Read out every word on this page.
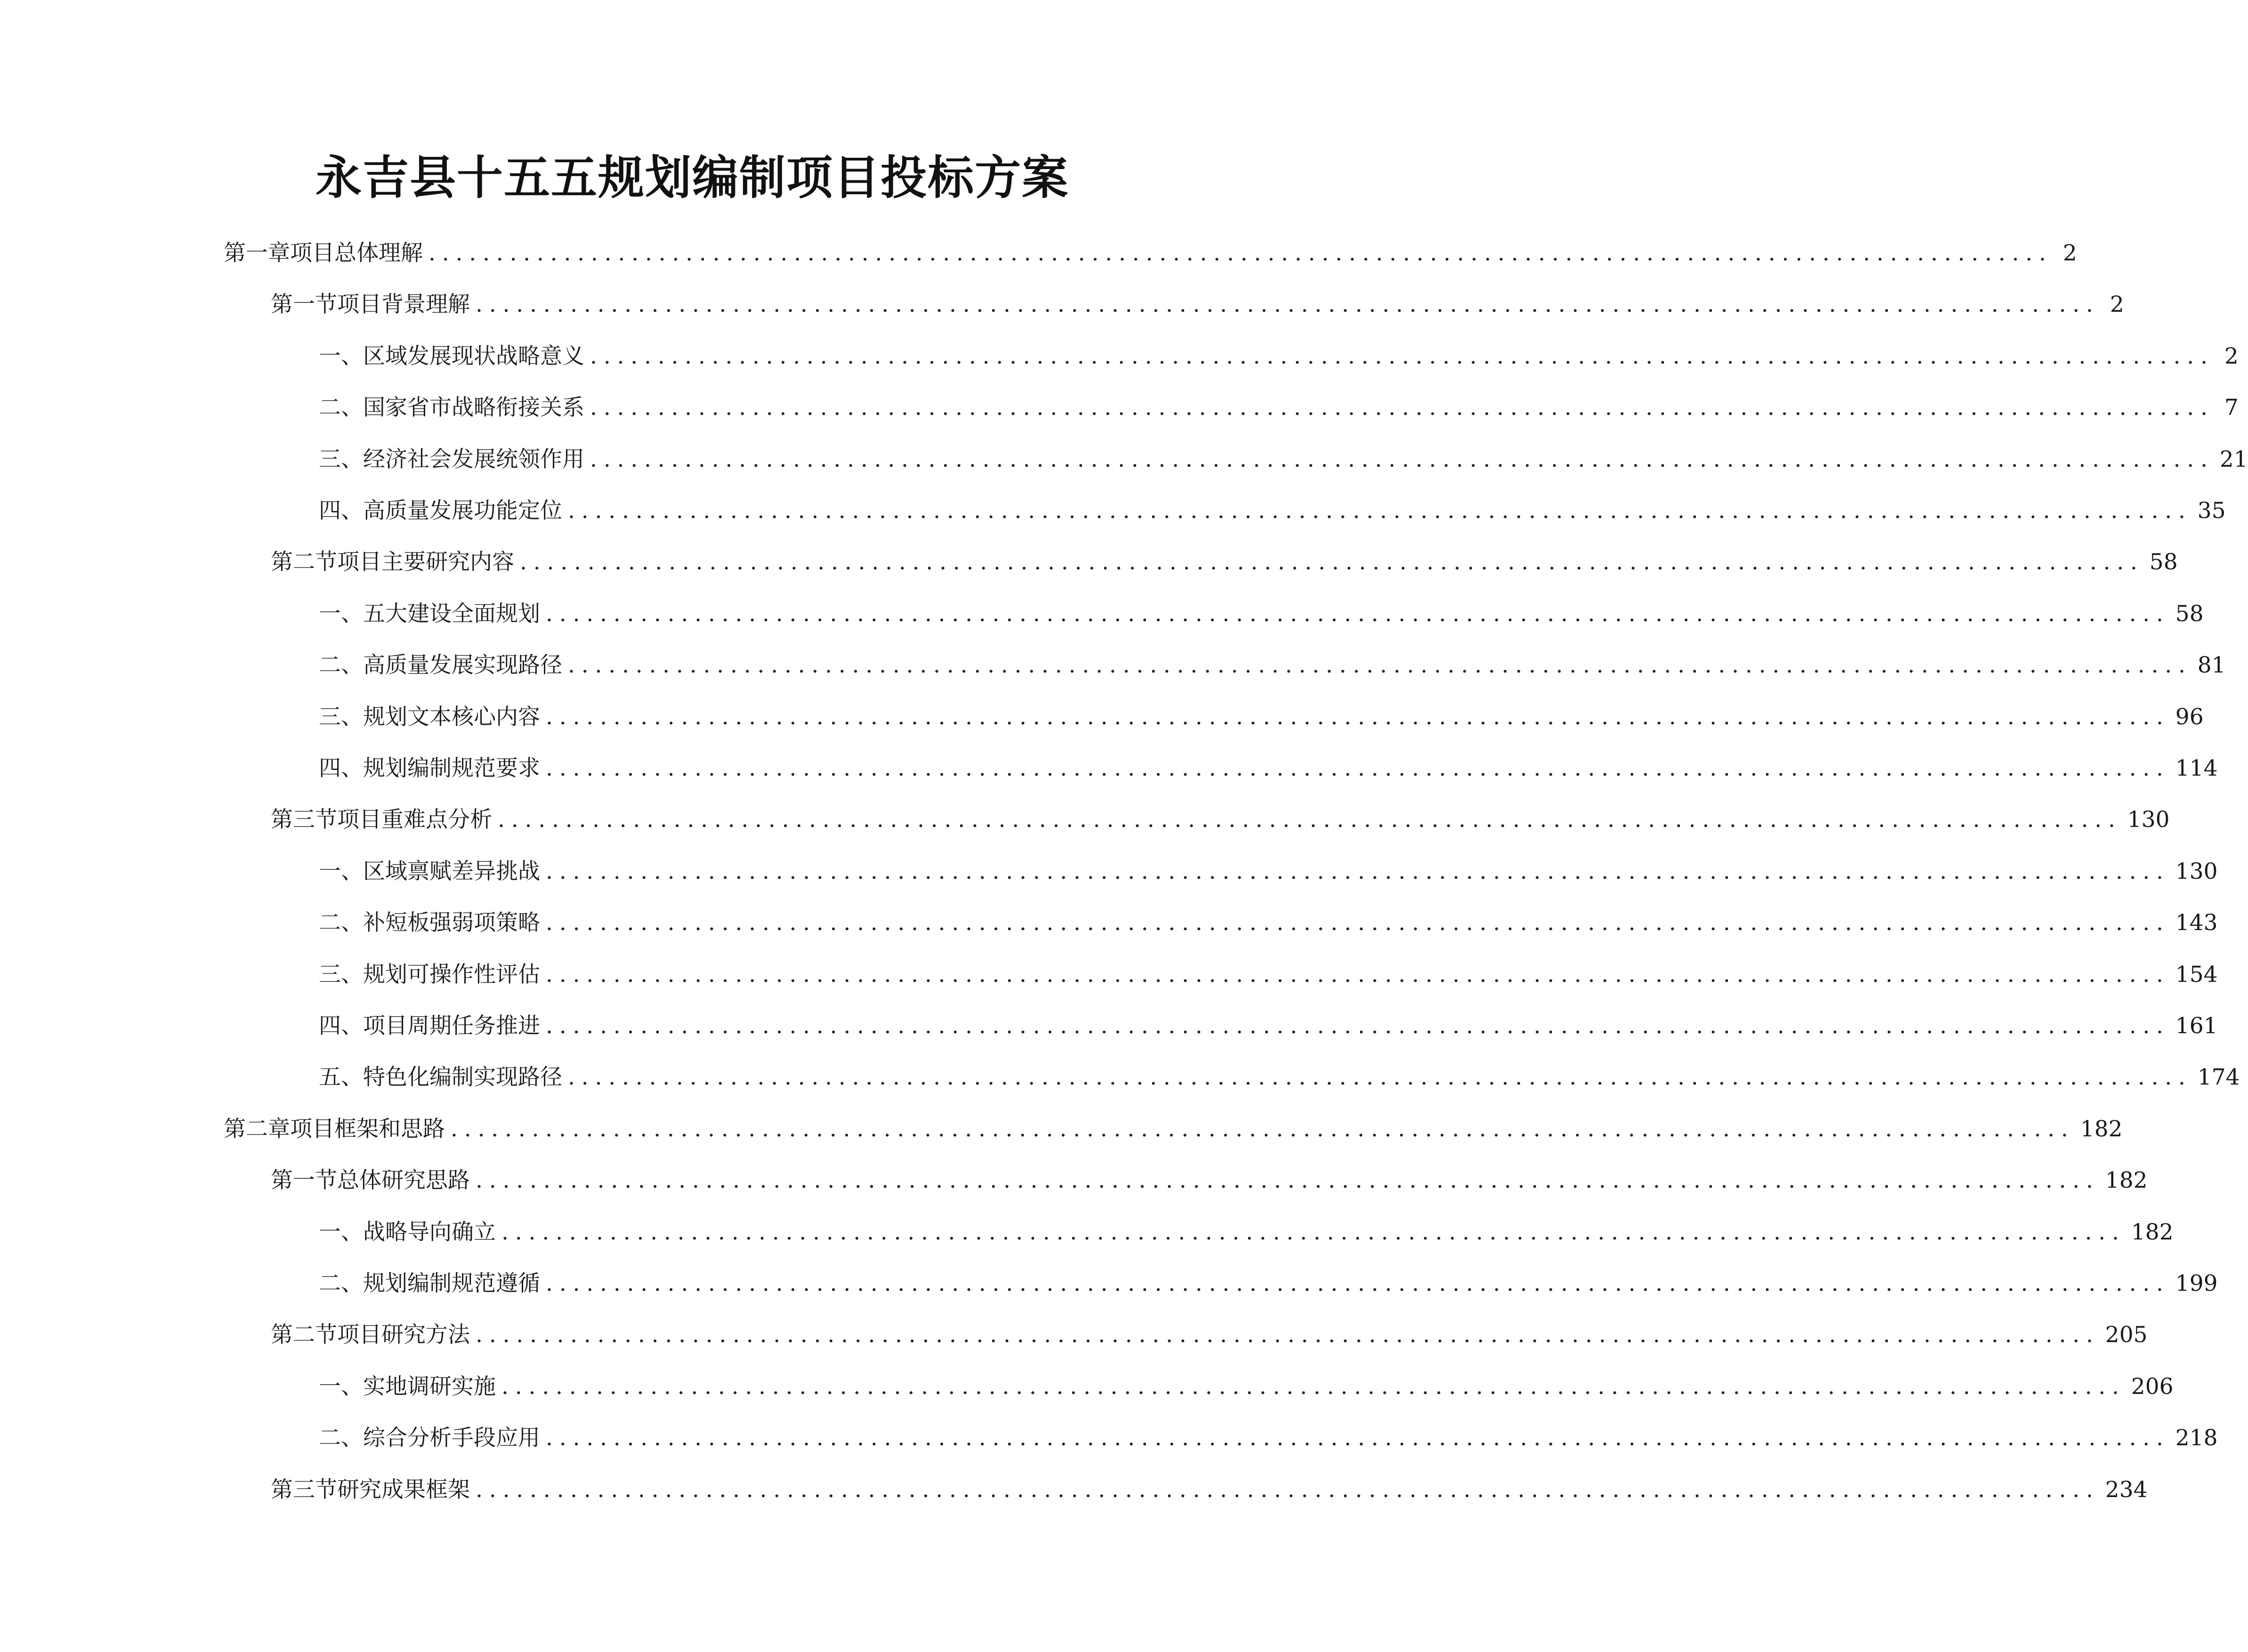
永吉县十五五规划编制项目投标方案
第一章 项目总体理解 ........................................................................................................................ 2
第一节 项目背景理解 ........................................................................................................................ 2
一、 区域发展现状战略意义 ........................................................................................................................ 2
二、 国家省市战略衔接关系 ........................................................................................................................ 7
三、 经济社会发展统领作用 ........................................................................................................................ 21
四、 高质量发展功能定位 ........................................................................................................................ 35
第二节 项目主要研究内容 ........................................................................................................................ 58
一、 五大建设全面规划 ........................................................................................................................ 58
二、 高质量发展实现路径 ........................................................................................................................ 81
三、 规划文本核心内容 ........................................................................................................................ 96
四、 规划编制规范要求 ........................................................................................................................ 114
第三节 项目重难点分析 ........................................................................................................................ 130
一、 区域禀赋差异挑战 ........................................................................................................................ 130
二、 补短板强弱项策略 ........................................................................................................................ 143
三、 规划可操作性评估 ........................................................................................................................ 154
四、 项目周期任务推进 ........................................................................................................................ 161
五、 特色化编制实现路径 ........................................................................................................................ 174
第二章 项目框架和思路 ........................................................................................................................ 182
第一节 总体研究思路 ........................................................................................................................ 182
一、 战略导向确立 ........................................................................................................................ 182
二、 规划编制规范遵循 ........................................................................................................................ 199
第二节 项目研究方法 ........................................................................................................................ 205
一、 实地调研实施 ........................................................................................................................ 206
二、 综合分析手段应用 ........................................................................................................................ 218
第三节 研究成果框架 ........................................................................................................................ 234
